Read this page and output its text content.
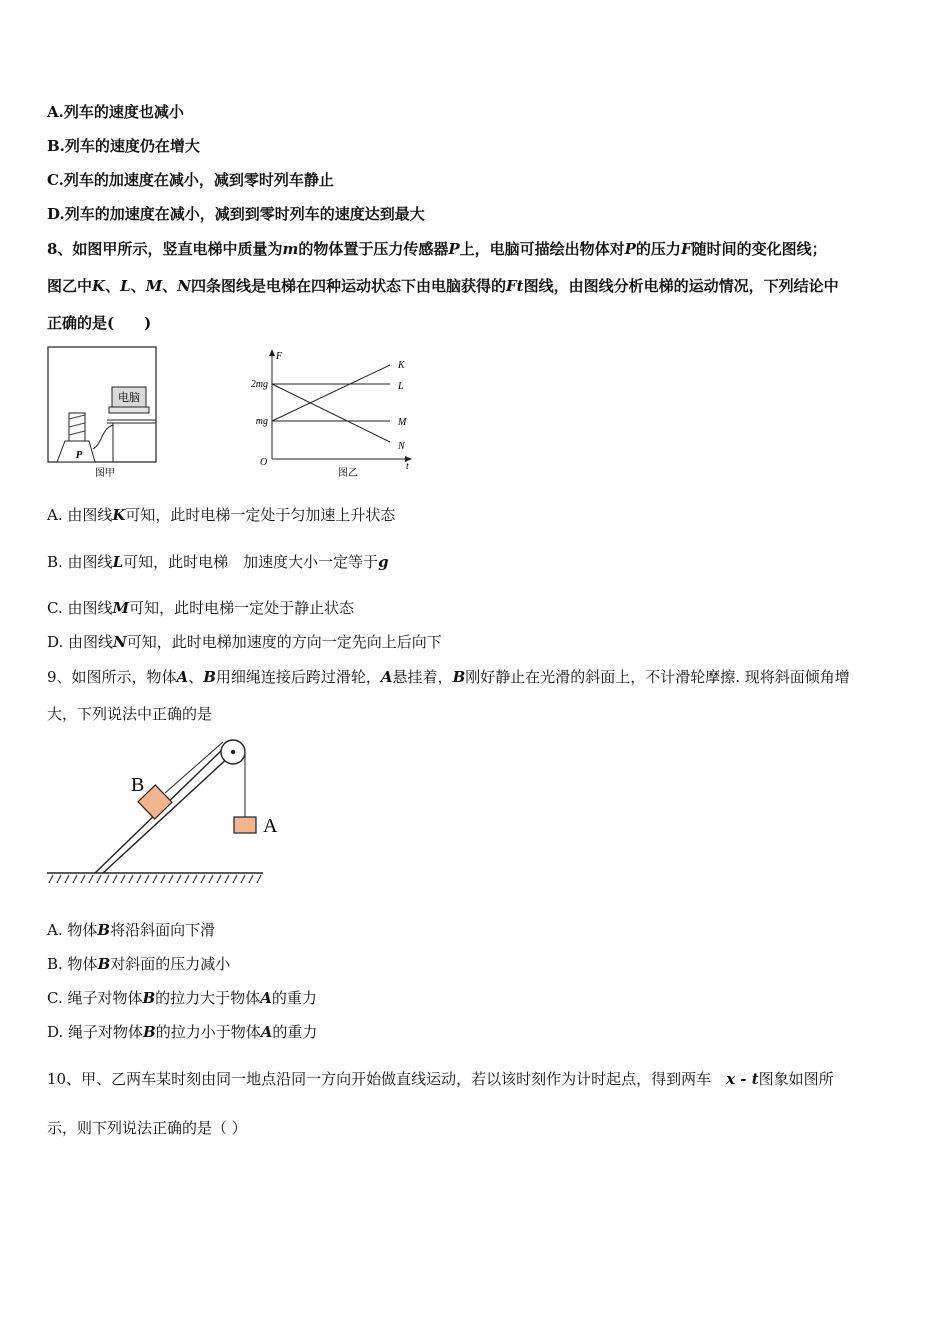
A.列车的速度也减小
B.列车的速度仍在增大
C.列车的加速度在减小，减到零时列车静止
D.列车的加速度在减小，减到到零时列车的速度达到最大
8、如图甲所示，竖直电梯中质量为m的物体置于压力传感器P上，电脑可描绘出物体对P的压力F随时间的变化图线；
图乙中K、L、M、N四条图线是电梯在四种运动状态下由电脑获得的Ft图线，由图线分析电梯的运动情况，下列结论中
正确的是(　　)
电脑
P
图甲
F
t
O
2mg
mg
K
L
M
N
图乙
A. 由图线K可知，此时电梯一定处于匀加速上升状态
B. 由图线L可知，此时电梯　加速度大小一定等于g
C. 由图线M可知，此时电梯一定处于静止状态
D. 由图线N可知，此时电梯加速度的方向一定先向上后向下
9、如图所示，物体A、B用细绳连接后跨过滑轮，A悬挂着，B刚好静止在光滑的斜面上，不计滑轮摩擦. 现将斜面倾角增
大，下列说法中正确的是
B
A
A. 物体B将沿斜面向下滑
B. 物体B对斜面的压力减小
C. 绳子对物体B的拉力大于物体A的重力
D. 绳子对物体B的拉力小于物体A的重力
10、甲、乙两车某时刻由同一地点沿同一方向开始做直线运动，若以该时刻作为计时起点，得到两车　 x - t图象如图所
示，则下列说法正确的是（ ）
